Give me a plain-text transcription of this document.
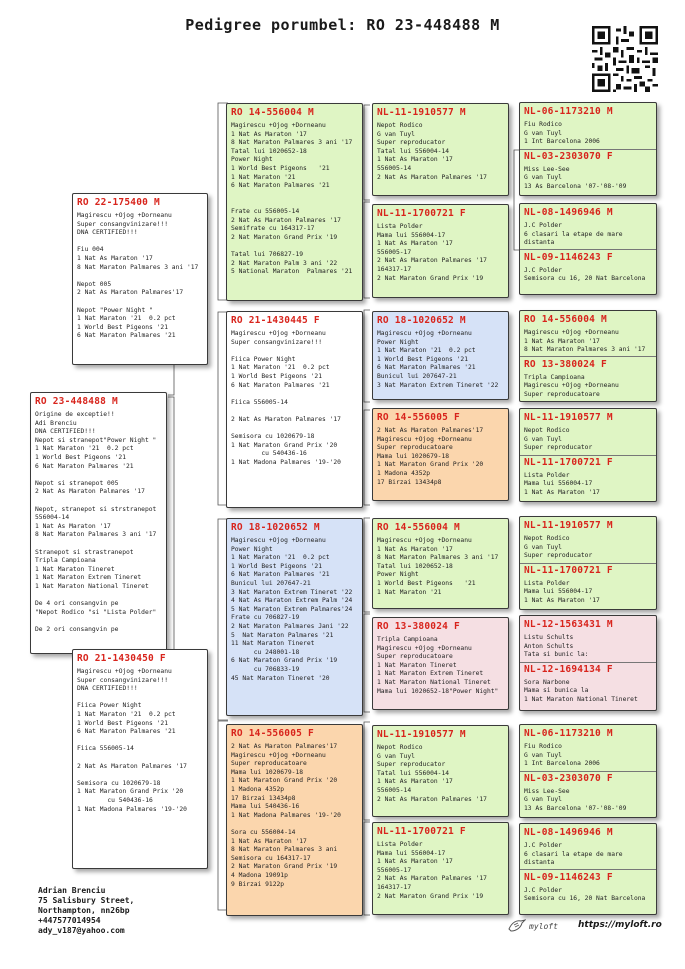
Pedigree porumbel: RO 23-448488 M
RO 23-448488 M
Origine de exceptie!!
Adi Brenciu
DNA CERTIFIED!!!
Nepot si stranepot"Power Night "
1 Nat Maraton '21  0.2 pct
1 World Best Pigeons '21
6 Nat Maraton Palmares '21

Nepot si stranepot 005
2 Nat As Maraton Palmares '17

Nepot, stranepot si strstranepot
556004-14
1 Nat As Maraton '17
8 Nat Maraton Palmares 3 ani '17

Stranepot si strastranepot
Tripla Campioana
1 Nat Maraton Tineret
1 Nat Maraton Extrem Tineret
1 Nat Maraton National Tineret

De 4 ori consangvin pe
"Nepot Rodico "si "Lista Polder"

De 2 ori consangvin pe
RO 22-175400 M
Magirescu +Ojog +Dorneanu
Super consangvinizare!!!
DNA CERTIFIED!!!

Fiu 004
1 Nat As Maraton '17
8 Nat Maraton Palmares 3 ani '17

Nepot 005
2 Nat As Maraton Palmares'17

Nepot "Power Night "
1 Nat Maraton '21  0.2 pct
1 World Best Pigeons '21
6 Nat Maraton Palmares '21
RO 21-1430450 F
Magirescu +Ojog +Dorneanu
Super consangvinizare!!!
DNA CERTIFIED!!!

Fiica Power Night
1 Nat Maraton '21  0.2 pct
1 World Best Pigeons '21
6 Nat Maraton Palmares '21

Fiica 556005-14

2 Nat As Maraton Palmares '17

Semisora cu 1020679-18
1 Nat Maraton Grand Prix '20
cu 540436-16
1 Nat Madona Palmares '19-'20
RO 14-556004 M
Magirescu +Ojog +Dorneanu
1 Nat As Maraton '17
8 Nat Maraton Palmares 3 ani '17
Tatal lui 1020652-18
Power Night
1 World Best Pigeons   '21
1 Nat Maraton '21
6 Nat Maraton Palmares '21

Frate cu 556005-14
2 Nat As Maraton Palmares '17
Semifrate cu 164317-17
2 Nat Maraton Grand Prix '19

Tatal lui 706827-19
2 Nat Maraton Palm 3 ani '22
5 National Maraton  Palmares '21
RO 21-1430445 F
Magirescu +Ojog +Dorneanu
Super consangvinizare!!!

Fiica Power Night
1 Nat Maraton '21  0.2 pct
1 World Best Pigeons '21
6 Nat Maraton Palmares '21

Fiica 556005-14

2 Nat As Maraton Palmares '17

Semisora cu 1020679-18
1 Nat Maraton Grand Prix '20
cu 540436-16
1 Nat Madona Palmares '19-'20
RO 18-1020652 M
Magirescu +Ojog +Dorneanu
Power Night
1 Nat Maraton '21  0.2 pct
1 World Best Pigeons '21
6 Nat Maraton Palmares '21
Bunicul lui 207647-21
3 Nat Maraton Extrem Tineret '22
4 Nat As Maraton Extrem Palm '24
5 Nat Maraton Extrem Palmares'24
Frate cu 706827-19
2 Nat Maraton Palmares Jani '22
5  Nat Maraton Palmares '21
11 Nat Maraton Tineret
cu 248001-18
6 Nat Maraton Grand Prix '19
cu 706833-19
45 Nat Maraton Tineret '20
RO 14-556005 F
2 Nat As Maraton Palmares'17
Magirescu +Ojog +Dorneanu
Super reproducatoare
Mama lui 1020679-18
1 Nat Maraton Grand Prix '20
1 Madona 4352p
17 Birzai 13434p8
Mama lui 540436-16
1 Nat Madona Palmares '19-'20

Sora cu 556004-14
1 Nat As Maraton '17
8 Nat Maraton Palmares 3 ani
Semisora cu 164317-17
2 Nat Maraton Grand Prix '19
4 Madona 19091p
9 Birzai 9122p
NL-11-1910577 M
Nepot Rodico
G van Tuyl
Super reproducator
Tatal lui 556004-14
1 Nat As Maraton '17
556005-14
2 Nat As Maraton Palmares '17
NL-11-1700721 F
Lista Polder
Mama lui 556004-17
1 Nat As Maraton '17
556005-17
2 Nat As Maraton Palmares '17
164317-17
2 Nat Maraton Grand Prix '19
RO 18-1020652 M
Magirescu +Ojog +Dorneanu
Power Night
1 Nat Maraton '21  0.2 pct
1 World Best Pigeons '21
6 Nat Maraton Palmares '21
Bunicul lui 207647-21
3 Nat Maraton Extrem Tineret '22
RO 14-556005 F
2 Nat As Maraton Palmares'17
Magirescu +Ojog +Dorneanu
Super reproducatoare
Mama lui 1020679-18
1 Nat Maraton Grand Prix '20
1 Madona 4352p
17 Birzai 13434p8
RO 14-556004 M
Magirescu +Ojog +Dorneanu
1 Nat As Maraton '17
8 Nat Maraton Palmares 3 ani '17
Tatal lui 1020652-18
Power Night
1 World Best Pigeons   '21
1 Nat Maraton '21
RO 13-380024 F
Tripla Campioana
Magirescu +Ojog +Dorneanu
Super reproducatoare
1 Nat Maraton Tineret
1 Nat Maraton Extrem Tineret
1 Nat Maraton National Tineret
Mama lui 1020652-18"Power Night"
NL-11-1910577 M
Nepot Rodico
G van Tuyl
Super reproducator
Tatal lui 556004-14
1 Nat As Maraton '17
556005-14
2 Nat As Maraton Palmares '17
NL-11-1700721 F
Lista Polder
Mama lui 556004-17
1 Nat As Maraton '17
556005-17
2 Nat As Maraton Palmares '17
164317-17
2 Nat Maraton Grand Prix '19
NL-06-1173210 M
Fiu Rodico
G van Tuyl
1 Int Barcelona 2006
NL-03-2303070 F
Miss Lee-See
G van Tuyl
13 As Barcelona '07-'08-'09
NL-08-1496946 M
J.C Polder
6 clasari la etape de mare
distanta
NL-09-1146243 F
J.C Polder
Semisora cu 16, 20 Nat Barcelona
RO 14-556004 M
Magirescu +Ojog +Dorneanu
1 Nat As Maraton '17
8 Nat Maraton Palmares 3 ani '17
RO 13-380024 F
Tripla Campioana
Magirescu +Ojog +Dorneanu
Super reproducatoare
NL-11-1910577 M
Nepot Rodico
G van Tuyl
Super reproducator
NL-11-1700721 F
Lista Polder
Mama lui 556004-17
1 Nat As Maraton '17
NL-11-1910577 M
Nepot Rodico
G van Tuyl
Super reproducator
NL-11-1700721 F
Lista Polder
Mama lui 556004-17
1 Nat As Maraton '17
NL-12-1563431 M
Listu Schults
Anton Schults
Tata si bunic la:
NL-12-1694134 F
Sora Narbone
Mama si bunica la
1 Nat Maraton National Tineret
NL-06-1173210 M
Fiu Rodico
G van Tuyl
1 Int Barcelona 2006
NL-03-2303070 F
Miss Lee-See
G van Tuyl
13 As Barcelona '07-'08-'09
NL-08-1496946 M
J.C Polder
6 clasari la etape de mare
distanta
NL-09-1146243 F
J.C Polder
Semisora cu 16, 20 Nat Barcelona
Adrian Brenciu
75 Salisbury Street,
Northampton, nn26bp
+447577014954
ady_v187@yahoo.com	myloft https://myloft.ro
